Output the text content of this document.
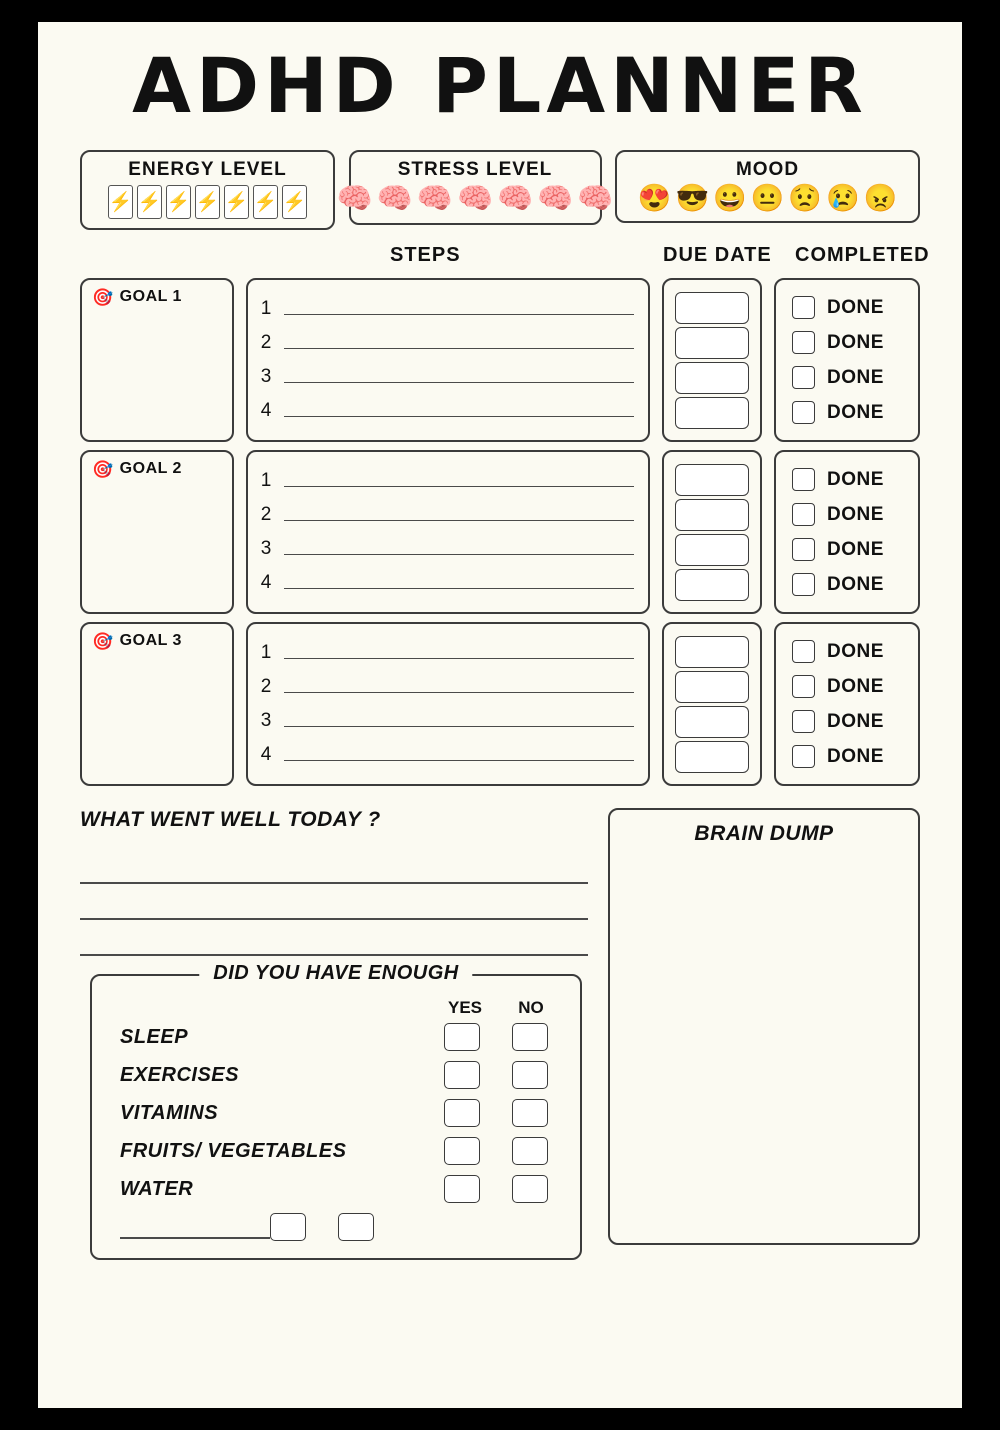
ADHD PLANNER
ENERGY LEVEL
⚡ ⚡ ⚡ ⚡ ⚡ ⚡ ⚡
STRESS LEVEL
🧠 🧠 🧠 🧠 🧠 🧠 🧠
MOOD
😍 😎 😀 😐 😟 😢 😠
STEPS	DUE DATE COMPLETED
🎯 GOAL 1
1
2
3
4
DONE
DONE
DONE
DONE
🎯 GOAL 2
1
2
3
4
DONE
DONE
DONE
DONE
🎯 GOAL 3
1
2
3
4
DONE
DONE
DONE
DONE
WHAT WENT WELL TODAY ?
DID YOU HAVE ENOUGH
YES NO
SLEEP
EXERCISES
VITAMINS
FRUITS/ VEGETABLES
WATER
BRAIN DUMP
